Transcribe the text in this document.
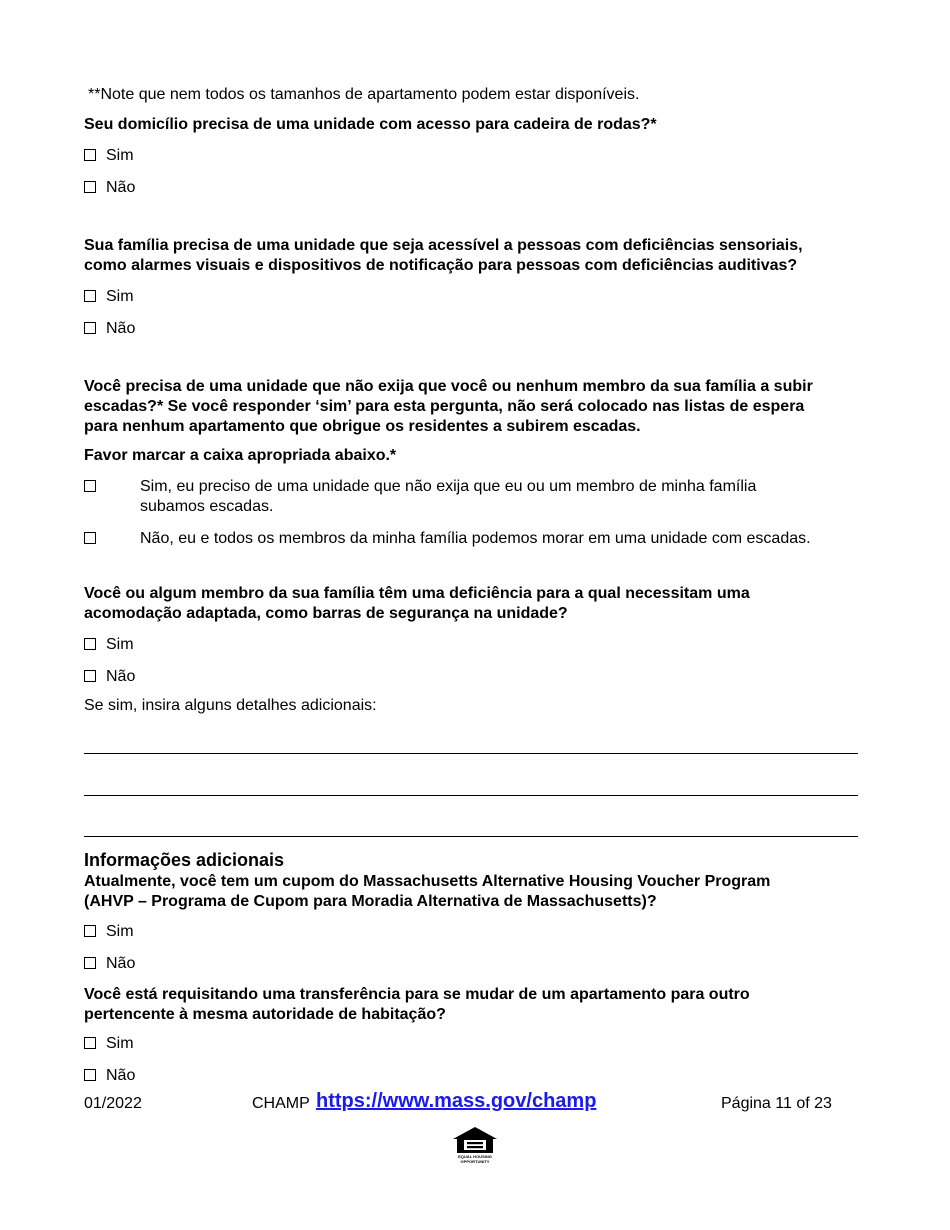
**Note que nem todos os tamanhos de apartamento podem estar disponíveis.
Seu domicílio precisa de uma unidade com acesso para cadeira de rodas?*
Sim
Não
Sua família precisa de uma unidade que seja acessível a pessoas com deficiências sensoriais,
como alarmes visuais e dispositivos de notificação para pessoas com deficiências auditivas?
Sim
Não
Você precisa de uma unidade que não exija que você ou nenhum membro da sua família a subir
escadas?* Se você responder ‘sim’ para esta pergunta, não será colocado nas listas de espera
para nenhum apartamento que obrigue os residentes a subirem escadas.
Favor marcar a caixa apropriada abaixo.*
Sim, eu preciso de uma unidade que não exija que eu ou um membro de minha família
subamos escadas.
Não, eu e todos os membros da minha família podemos morar em uma unidade com escadas.
Você ou algum membro da sua família têm uma deficiência para a qual necessitam uma
acomodação adaptada, como barras de segurança na unidade?
Sim
Não
Se sim, insira alguns detalhes adicionais:
Informações adicionais
Atualmente, você tem um cupom do Massachusetts Alternative Housing Voucher Program
(AHVP – Programa de Cupom para Moradia Alternativa de Massachusetts)?
Sim
Não
Você está requisitando uma transferência para se mudar de um apartamento para outro
pertencente à mesma autoridade de habitação?
Sim
Não
01/2022	CHAMP https://www.mass.gov/champ	Página 11 of 23
EQUAL HOUSING
OPPORTUNITY
